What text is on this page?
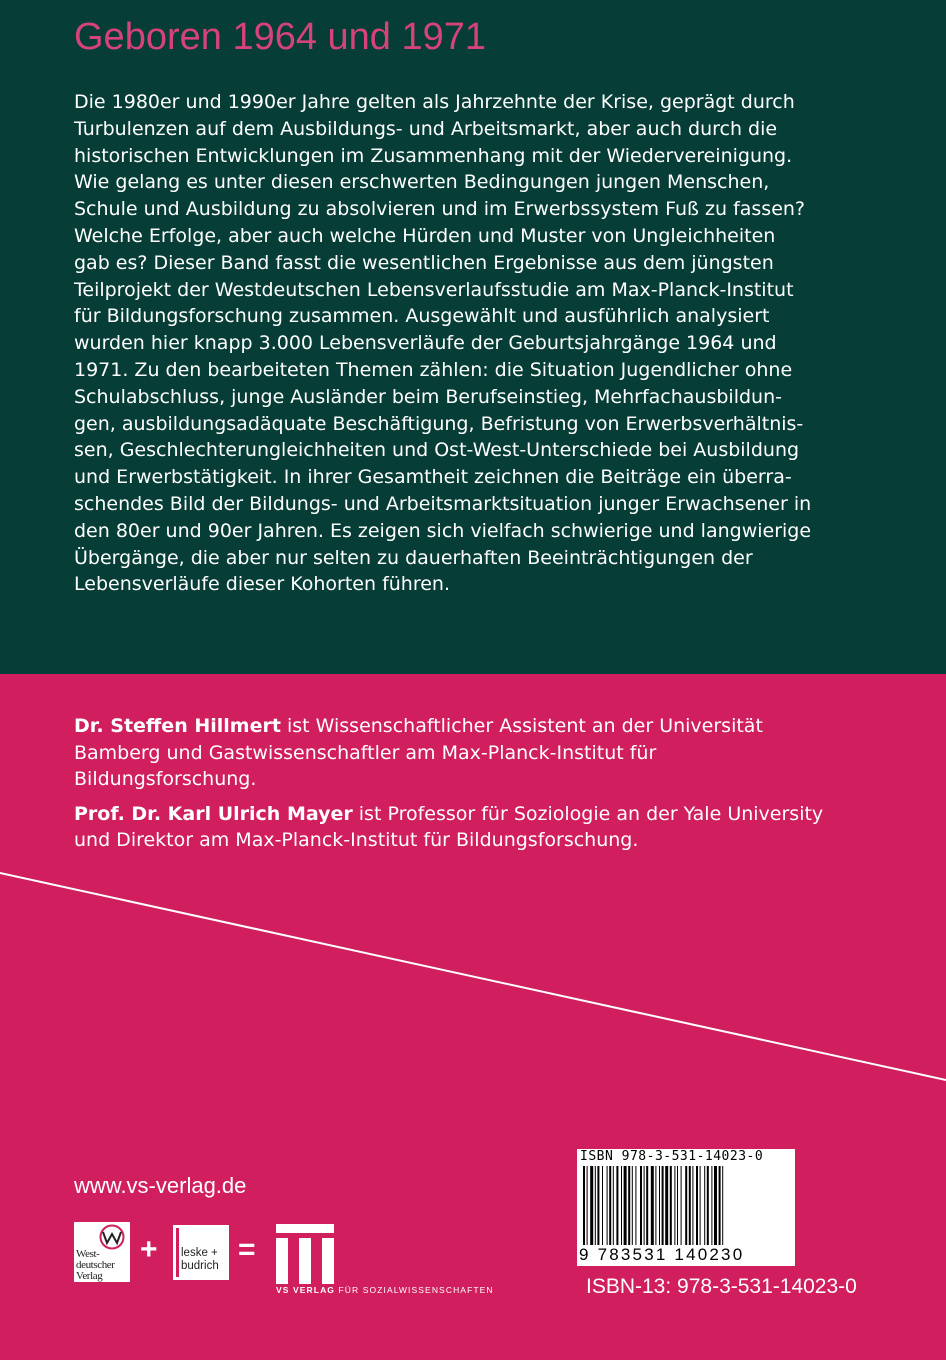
Geboren 1964 und 1971
Die 1980er und 1990er Jahre gelten als Jahrzehnte der Krise, geprägt durch
Turbulenzen auf dem Ausbildungs- und Arbeitsmarkt, aber auch durch die
historischen Entwicklungen im Zusammenhang mit der Wiedervereinigung.
Wie gelang es unter diesen erschwerten Bedingungen jungen Menschen,
Schule und Ausbildung zu absolvieren und im Erwerbssystem Fuß zu fassen?
Welche Erfolge, aber auch welche Hürden und Muster von Ungleichheiten
gab es? Dieser Band fasst die wesentlichen Ergebnisse aus dem jüngsten
Teilprojekt der Westdeutschen Lebensverlaufsstudie am Max-Planck-Institut
für Bildungsforschung zusammen. Ausgewählt und ausführlich analysiert
wurden hier knapp 3.000 Lebensverläufe der Geburtsjahrgänge 1964 und
1971. Zu den bearbeiteten Themen zählen: die Situation Jugendlicher ohne
Schulabschluss, junge Ausländer beim Berufseinstieg, Mehrfachausbildun-
gen, ausbildungsadäquate Beschäftigung, Befristung von Erwerbsverhältnis-
sen, Geschlechterungleichheiten und Ost-West-Unterschiede bei Ausbildung
und Erwerbstätigkeit. In ihrer Gesamtheit zeichnen die Beiträge ein überra-
schendes Bild der Bildungs- und Arbeitsmarktsituation junger Erwachsener in
den 80er und 90er Jahren. Es zeigen sich vielfach schwierige und langwierige
Übergänge, die aber nur selten zu dauerhaften Beeinträchtigungen der
Lebensverläufe dieser Kohorten führen.

Dr. Steffen Hillmert ist Wissenschaftlicher Assistent an der Universität
Bamberg und Gastwissenschaftler am Max-Planck-Institut für
Bildungsforschung.

Prof. Dr. Karl Ulrich Mayer ist Professor für Soziologie an der Yale University
und Direktor am Max-Planck-Institut für Bildungsforschung.

www.vs-verlag.de
West-
deutscher
Verlag
+ leske +
budrich =
VS VERLAG FÜR SOZIALWISSENSCHAFTEN
ISBN 978-3-531-14023-0
9 783531 140230
ISBN-13: 978-3-531-14023-0
